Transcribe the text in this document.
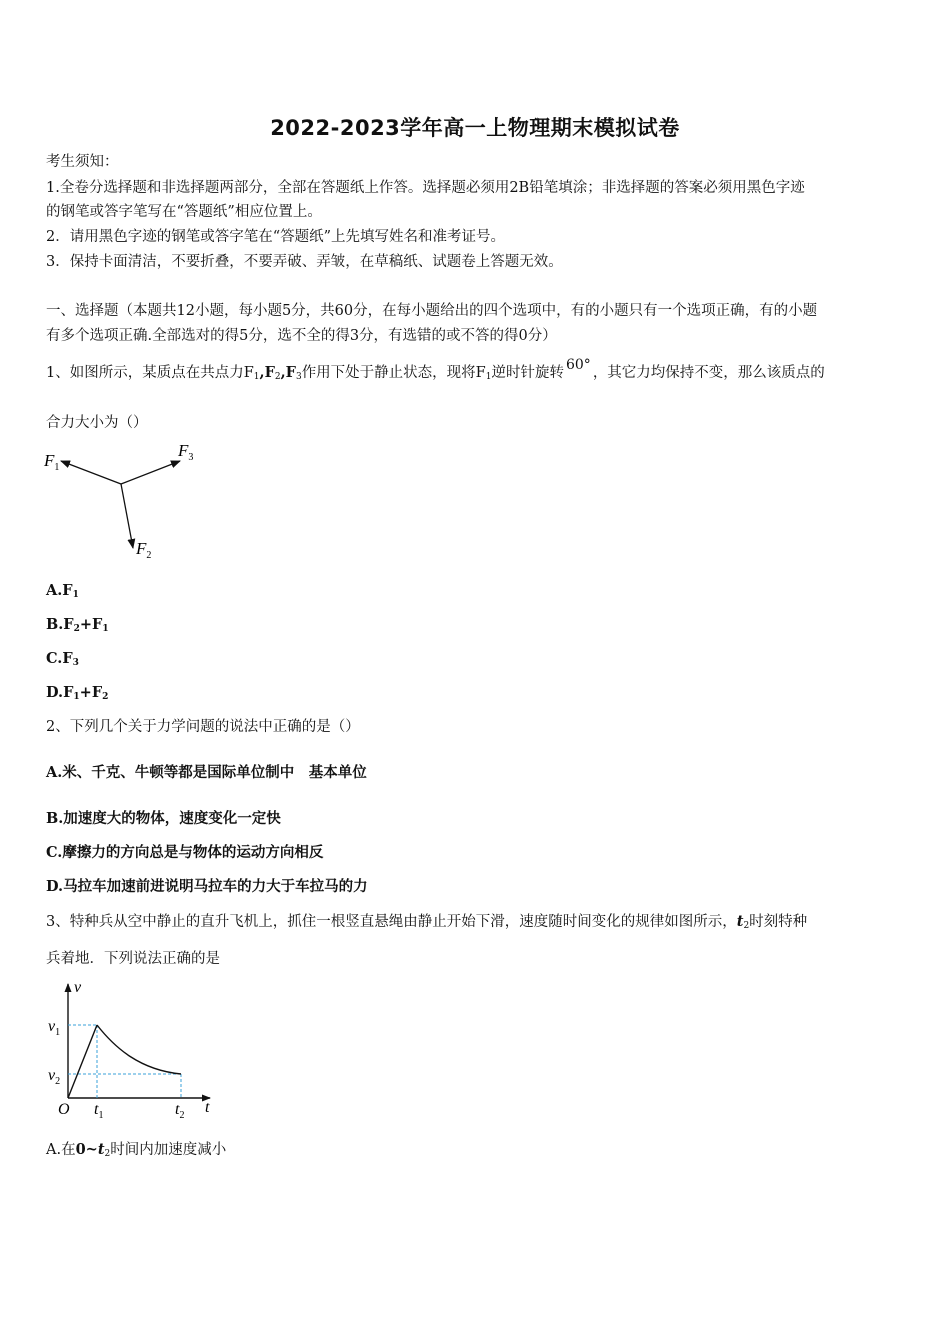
2022-2023学年高一上物理期末模拟试卷
考生须知：
1.全卷分选择题和非选择题两部分，全部在答题纸上作答。选择题必须用2B铅笔填涂；非选择题的答案必须用黑色字迹
的钢笔或答字笔写在“答题纸”相应位置上。
2．请用黑色字迹的钢笔或答字笔在“答题纸”上先填写姓名和准考证号。
3．保持卡面清洁，不要折叠，不要弄破、弄皱，在草稿纸、试题卷上答题无效。
一、选择题（本题共12小题，每小题5分，共60分，在每小题给出的四个选项中，有的小题只有一个选项正确，有的小题
有多个选项正确.全部选对的得5分，选不全的得3分，有选错的或不答的得0分）
1、如图所示，某质点在共点力$F_1,F_2,F_3$作用下处于静止状态，现将$F_1$逆时针旋转 60° ，其它力均保持不变，那么该质点的
合力大小为（）
$F_1$
$F_3$
$F_2$
$A.F_1$
$B.F_2+F_1$
$C.F_3$
$D.F_1+F_2$
2、下列几个关于力学问题的说法中正确的是（）
A.米、千克、牛顿等都是国际单位制中　基本单位
B.加速度大的物体，速度变化一定快
C.摩擦力的方向总是与物体的运动方向相反
D.马拉车加速前进说明马拉车的力大于车拉马的力
3、特种兵从空中静止的直升飞机上，抓住一根竖直悬绳由静止开始下滑，速度随时间变化的规律如图所示，$t_2$时刻特种
兵着地．下列说法正确的是
v
$v_1$
$v_2$
O $t_1$	$t_2$ t
A.在$0\sim t_2$时间内加速度减小
